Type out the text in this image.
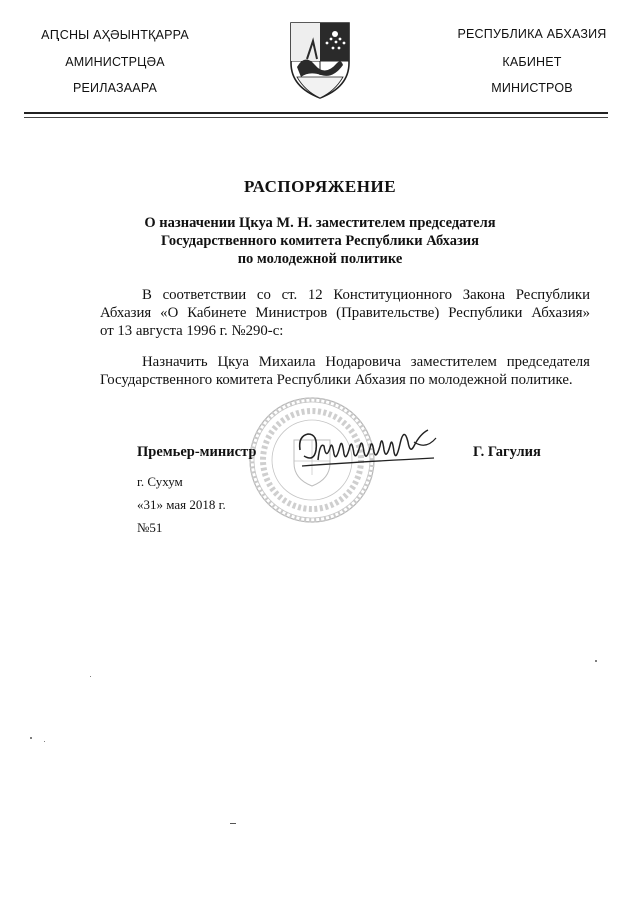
АԤСНЫ АҲӘЫНТҚАРРА
АМИНИСТРЦӘА
РЕИЛАЗААРА
РЕСПУБЛИКА АБХАЗИЯ
КАБИНЕТ
МИНИСТРОВ
РАСПОРЯЖЕНИЕ
О назначении Цкуа М. Н. заместителем председателя
Государственного комитета Республики Абхазия
по молодежной политике
В соответствии со ст. 12 Конституционного Закона Республики
Абхазия «О Кабинете Министров (Правительстве) Республики Абхазия»
от 13 августа 1996 г. №290-с:
Назначить Цкуа Михаила Нодаровича заместителем председателя
Государственного комитета Республики Абхазия по молодежной политике.
Премьер-министр	Г. Гагулия
г. Сухум
«31» мая 2018 г.
№51
